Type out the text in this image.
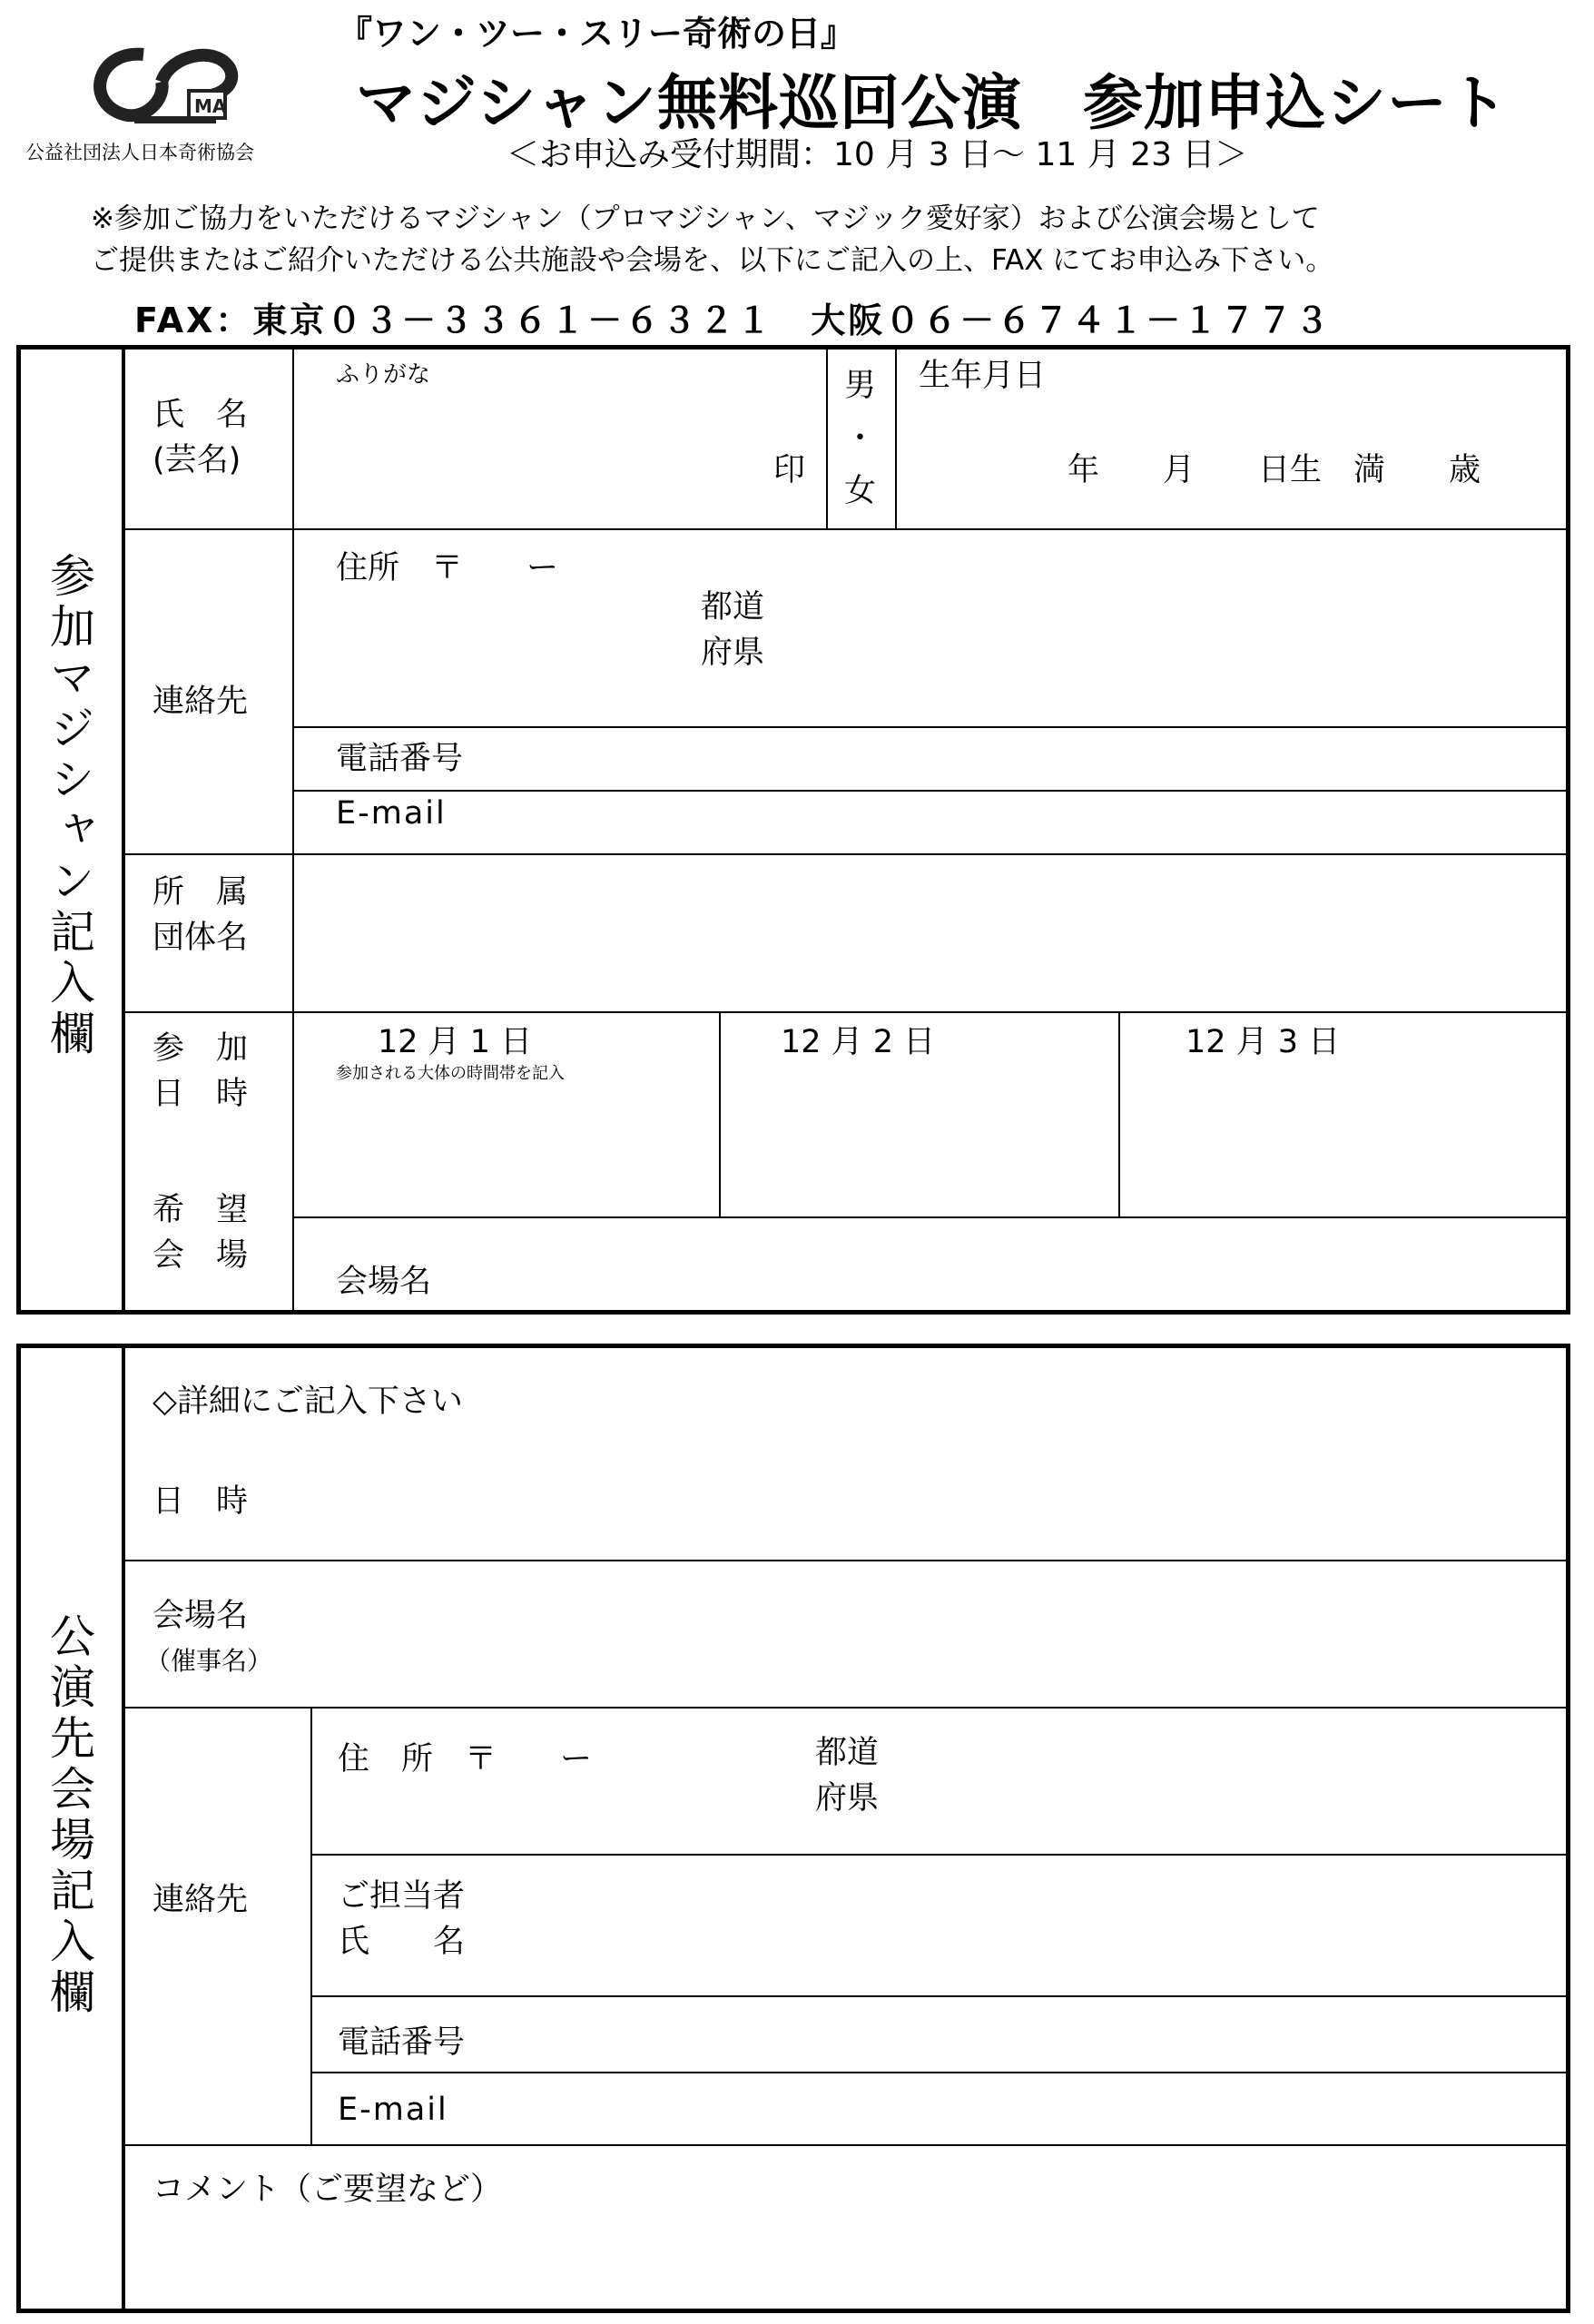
MA
公益社団法人日本奇術協会
『ワン・ツー・スリー奇術の日』
マジシャン無料巡回公演　参加申込シート
＜お申込み受付期間：10 月 3 日～ 11 月 23 日＞
※参加ご協力をいただけるマジシャン（プロマジシャン、マジック愛好家）および公演会場として
ご提供またはご紹介いただける公共施設や会場を、以下にご記入の上、FAX にてお申込み下さい。
FAX：東京０３－３３６１－６３２１　大阪０６－６７４１－１７７３
参加マジシャン記入欄
氏　名
(芸名)
ふりがな
印
男
・
女
生年月日
年　　月　　日生　満　　歳
連絡先
住所　〒　　ー
都道
府県
電話番号
E-mail
所　属
団体名
参　加
日　時
12 月 1 日
参加される大体の時間帯を記入
12 月 2 日	12 月 3 日
希　望
会　場
会場名
公演先会場記入欄
◇詳細にご記入下さい
日　時
会場名
（催事名）
連絡先
住　所　〒　　ー	都道
府県
ご担当者
氏　　名
電話番号
E-mail
コメント（ご要望など）
